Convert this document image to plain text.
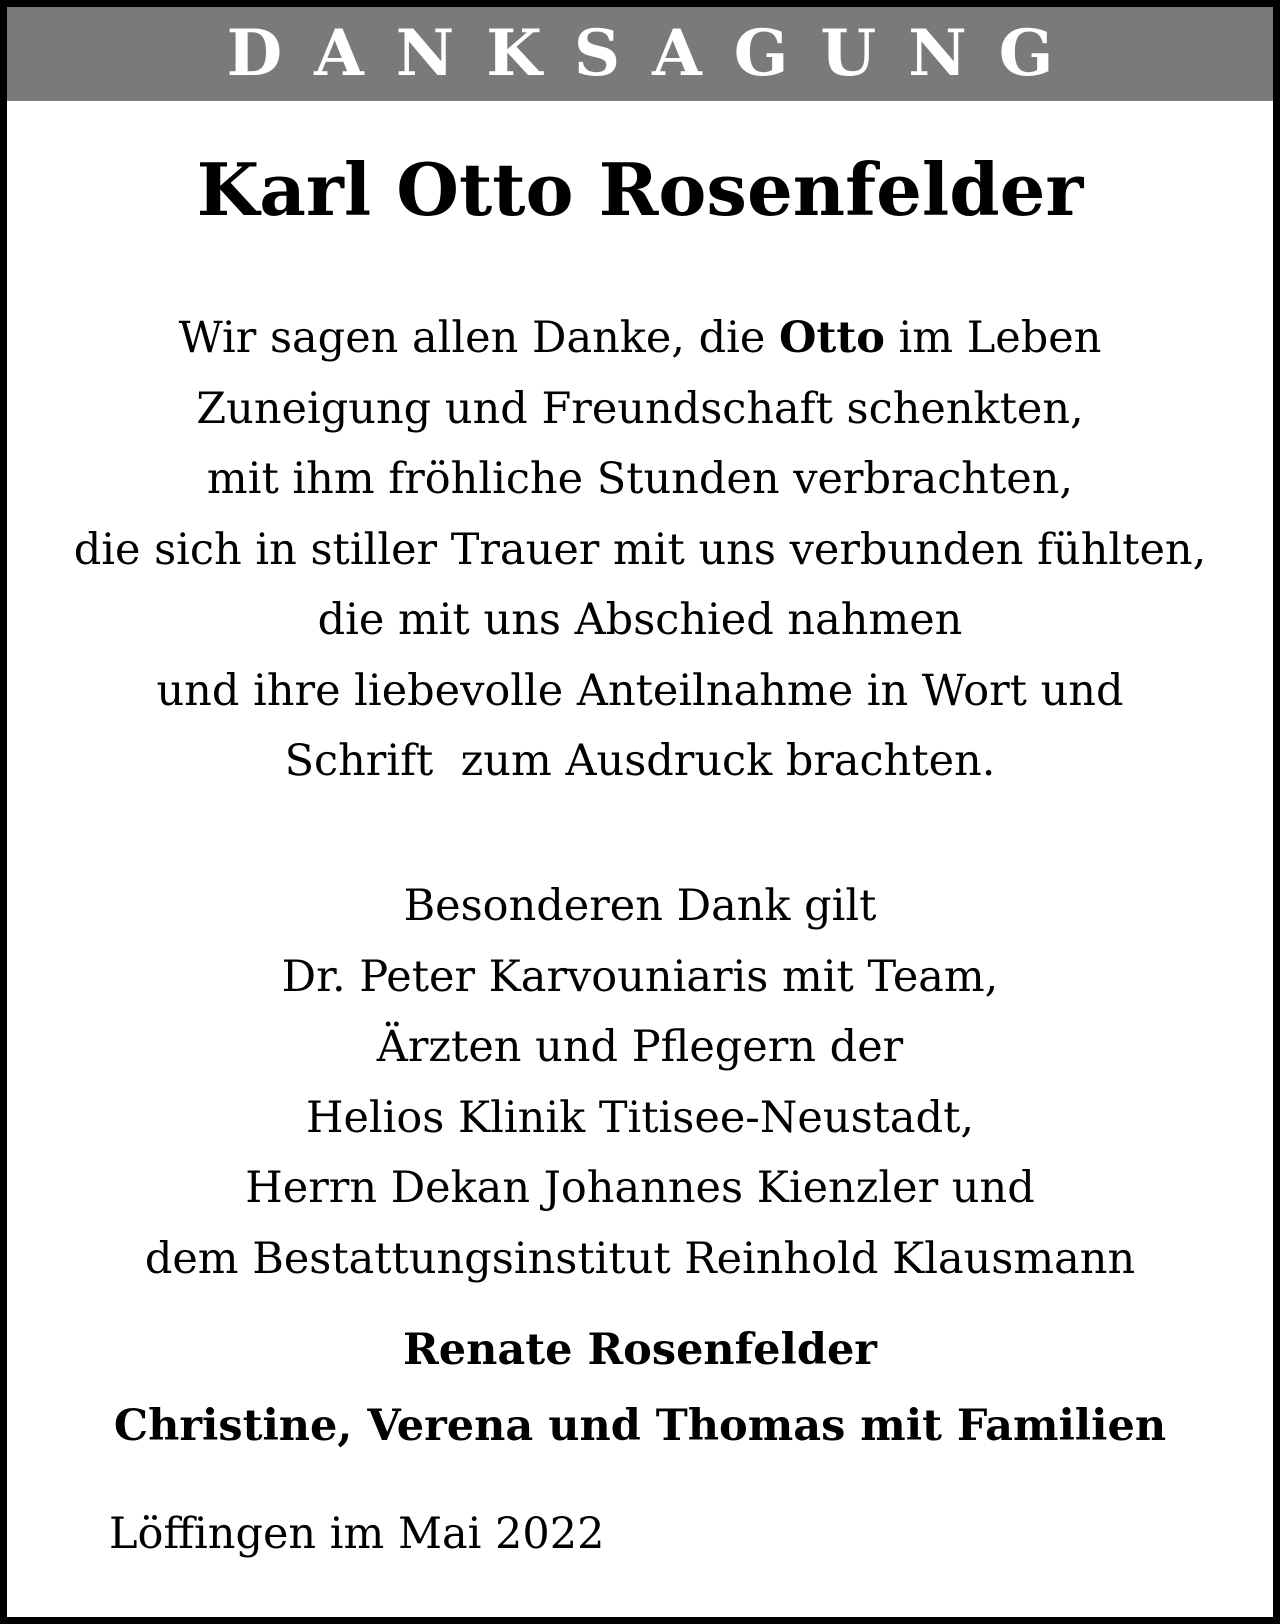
DANKSAGUNG
Karl Otto Rosenfelder
Wir sagen allen Danke, die Otto im Leben
Zuneigung und Freundschaft schenkten,
mit ihm fröhliche Stunden verbrachten,
die sich in stiller Trauer mit uns verbunden fühlten,
die mit uns Abschied nahmen
und ihre liebevolle Anteilnahme in Wort und
Schrift  zum Ausdruck brachten.
Besonderen Dank gilt
Dr. Peter Karvouniaris mit Team,
Ärzten und Pflegern der
Helios Klinik Titisee-Neustadt,
Herrn Dekan Johannes Kienzler und
dem Bestattungsinstitut Reinhold Klausmann
Renate Rosenfelder
Christine, Verena und Thomas mit Familien
Löffingen im Mai 2022
